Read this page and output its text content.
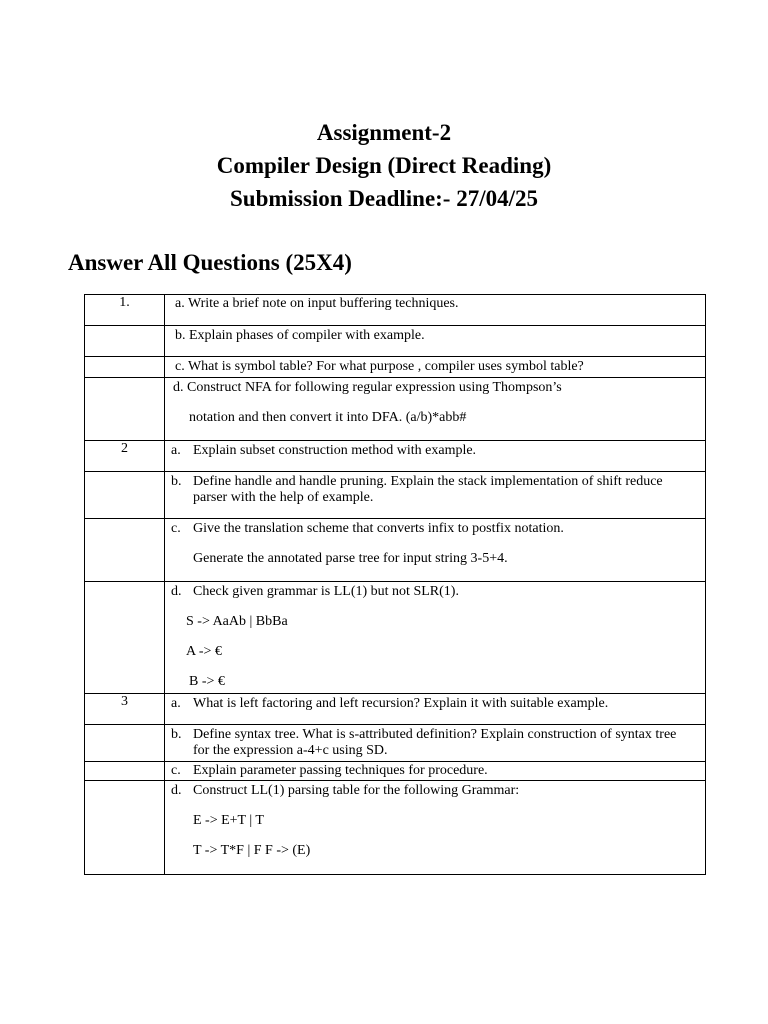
Assignment-2
Compiler Design (Direct Reading)
Submission Deadline:- 27/04/25
Answer All Questions (25X4)
1.	a. Write a brief note on input buffering techniques.

	b. Explain phases of compiler with example.

	c. What is symbol table? For what purpose , compiler uses symbol table?

	d. Construct NFA for following regular expression using Thompson’s
notation and then convert it into DFA. (a/b)*abb#

2	a. Explain subset construction method with example.

	b. Define handle and handle pruning. Explain the stack implementation of shift reduce
parser with the help of example.

	c. Give the translation scheme that converts infix to postfix notation.
Generate the annotated parse tree for input string 3-5+4.

	d. Check given grammar is LL(1) but not SLR(1).
S -> AaAb | BbBa
A -> €
B -> €

3	a. What is left factoring and left recursion? Explain it with suitable example.

	b. Define syntax tree. What is s-attributed definition? Explain construction of syntax tree
for the expression a-4+c using SD.

	c. Explain parameter passing techniques for procedure.

	d. Construct LL(1) parsing table for the following Grammar:
E -> E+T | T
T -> T*F | F F -> (E)
